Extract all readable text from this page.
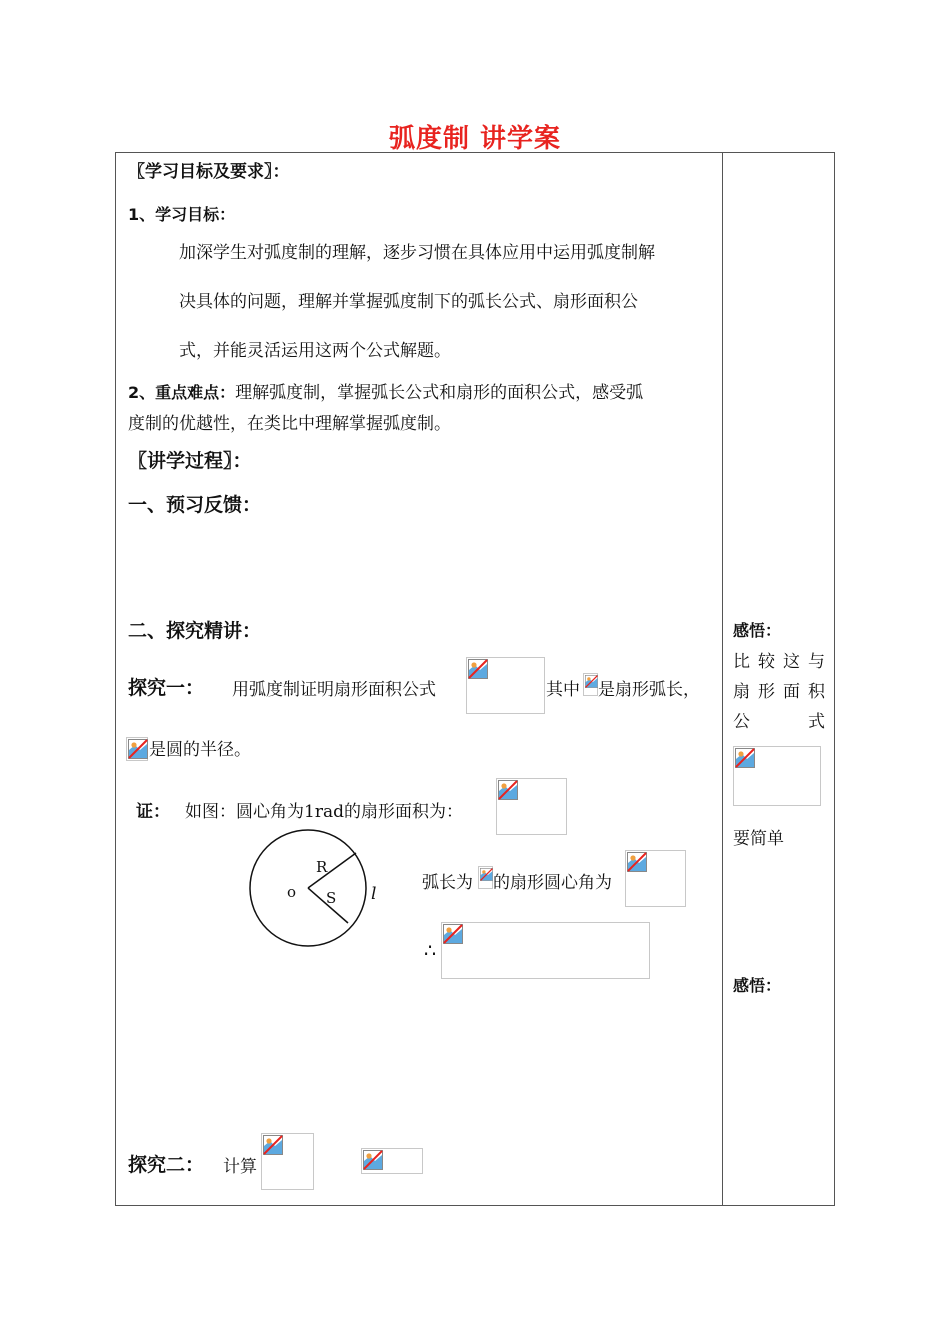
弧度制 讲学案
〖学习目标及要求〗：
1、学习目标：
加深学生对弧度制的理解，逐步习惯在具体应用中运用弧度制解
决具体的问题，理解并掌握弧度制下的弧长公式、扇形面积公
式，并能灵活运用这两个公式解题。
2、重点难点：理解弧度制，掌握弧长公式和扇形的面积公式，感受弧
度制的优越性，在类比中理解掌握弧度制。
〖讲学过程〗：
一、预习反馈：
二、探究精讲：
探究一： 用弧度制证明扇形面积公式	其中 是扇形弧长，
是圆的半径。
证： 如图：圆心角为1rad的扇形面积为：
o
R
S l
弧长为 的扇形圆心角为
∴
探究二： 计算
感悟：
比 较 这 与
扇 形 面 积
公	式
要简单
感悟：
